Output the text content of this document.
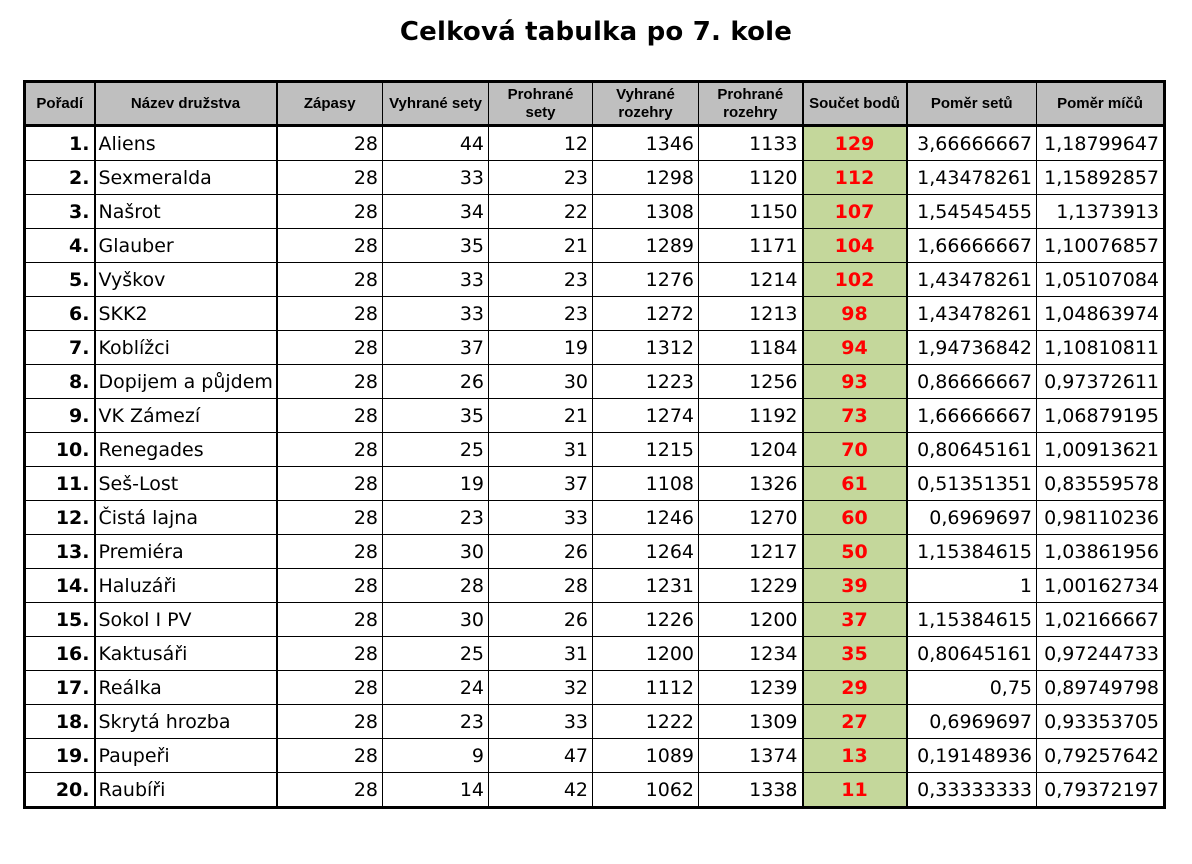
Celková tabulka po 7. kole
Pořadí	Název družstva	Zápasy	Vyhrané sety	Prohrané sety	Vyhrané rozehry	Prohrané rozehry	Součet bodů	Poměr setů	Poměr míčů
1.	Aliens	28	44	12	1346	1133	129	3,66666667	1,18799647
2.	Sexmeralda	28	33	23	1298	1120	112	1,43478261	1,15892857
3.	Našrot	28	34	22	1308	1150	107	1,54545455	1,1373913
4.	Glauber	28	35	21	1289	1171	104	1,66666667	1,10076857
5.	Vyškov	28	33	23	1276	1214	102	1,43478261	1,05107084
6.	SKK2	28	33	23	1272	1213	98	1,43478261	1,04863974
7.	Koblížci	28	37	19	1312	1184	94	1,94736842	1,10810811
8.	Dopijem a půjdem	28	26	30	1223	1256	93	0,86666667	0,97372611
9.	VK Zámezí	28	35	21	1274	1192	73	1,66666667	1,06879195
10.	Renegades	28	25	31	1215	1204	70	0,80645161	1,00913621
11.	Seš-Lost	28	19	37	1108	1326	61	0,51351351	0,83559578
12.	Čistá lajna	28	23	33	1246	1270	60	0,6969697	0,98110236
13.	Premiéra	28	30	26	1264	1217	50	1,15384615	1,03861956
14.	Haluzáři	28	28	28	1231	1229	39	1	1,00162734
15.	Sokol I PV	28	30	26	1226	1200	37	1,15384615	1,02166667
16.	Kaktusáři	28	25	31	1200	1234	35	0,80645161	0,97244733
17.	Reálka	28	24	32	1112	1239	29	0,75	0,89749798
18.	Skrytá hrozba	28	23	33	1222	1309	27	0,6969697	0,93353705
19.	Paupeři	28	9	47	1089	1374	13	0,19148936	0,79257642
20.	Raubíři	28	14	42	1062	1338	11	0,33333333	0,79372197
